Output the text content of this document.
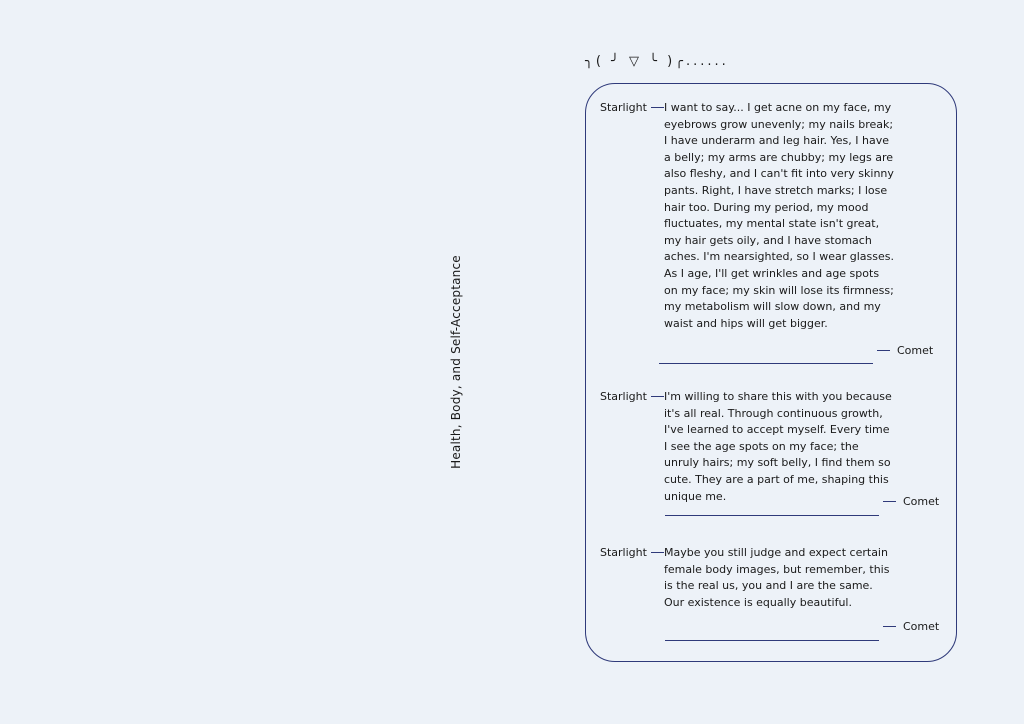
Health, Body, and Self-Acceptance
╮( ╯ ▽ ╰ )╭......
Starlight	I want to say... I get acne on my face, my eyebrows grow unevenly; my nails break; I have underarm and leg hair. Yes, I have a belly; my arms are chubby; my legs are also fleshy, and I can't fit into very skinny pants. Right, I have stretch marks; I lose hair too. During my period, my mood fluctuates, my mental state isn't great, my hair gets oily, and I have stomach aches. I'm nearsighted, so I wear glasses. As I age, I'll get wrinkles and age spots on my face; my skin will lose its firmness; my metabolism will slow down, and my waist and hips will get bigger.
Comet
Starlight	I'm willing to share this with you because it's all real. Through continuous growth, I've learned to accept myself. Every time I see the age spots on my face; the unruly hairs; my soft belly, I find them so cute. They are a part of me, shaping this unique me.	Comet
Starlight	Maybe you still judge and expect certain female body images, but remember, this is the real us, you and I are the same. Our existence is equally beautiful.
Comet
